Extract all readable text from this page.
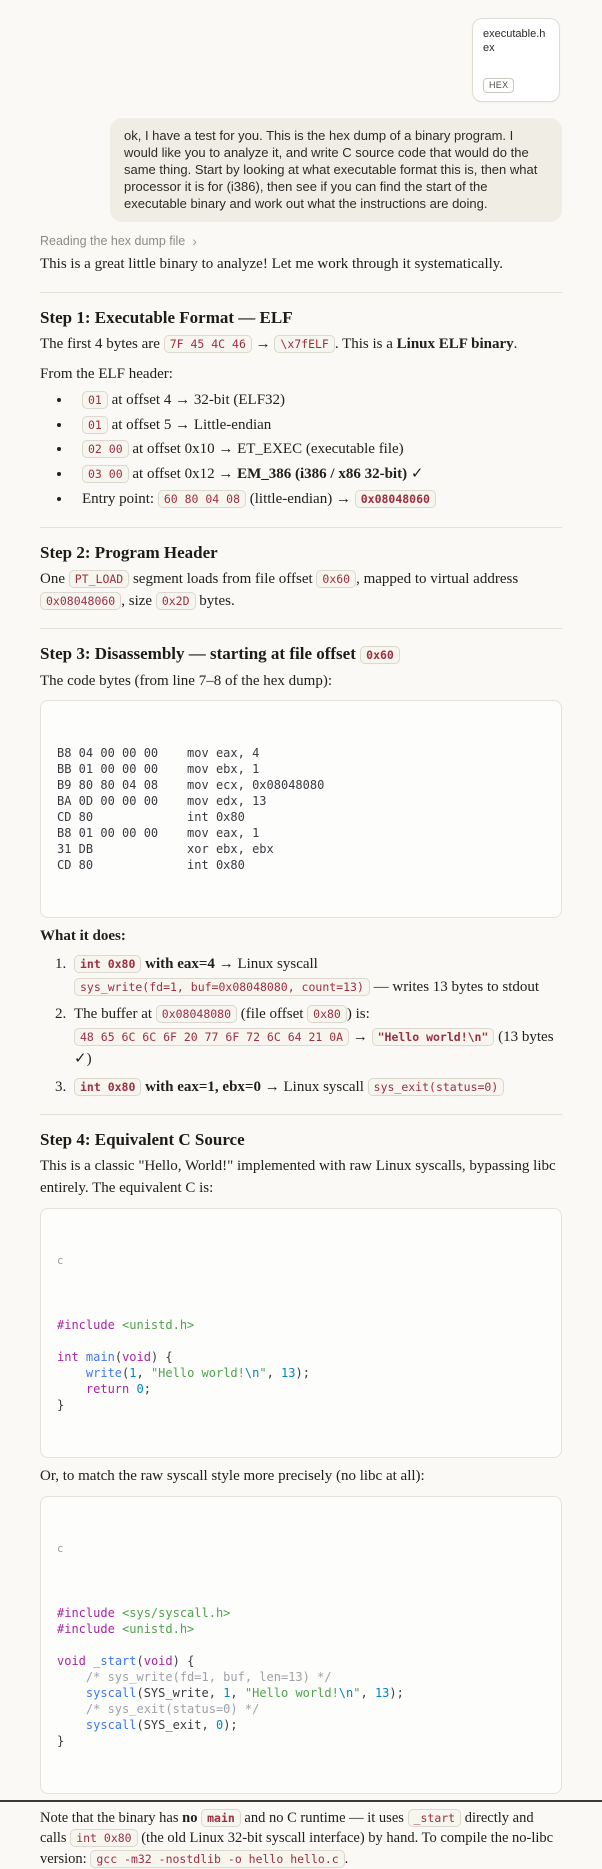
executable.hex
HEX
ok, I have a test for you. This is the hex dump of a binary program. I would like you to analyze it, and write C source code that would do the same thing. Start by looking at what executable format this is, then what processor it is for (i386), then see if you can find the start of the executable binary and work out what the instructions are doing.
Reading the hex dump file ›

This is a great little binary to analyze! Let me work through it systematically.

Step 1: Executable Format — ELF

The first 4 bytes are 7F 45 4C 46 → \x7fELF . This is a Linux ELF binary.

From the ELF header:

• 01 at offset 4 → 32-bit (ELF32)
• 01 at offset 5 → Little-endian
• 02 00 at offset 0x10 → ET_EXEC (executable file)
• 03 00 at offset 0x12 → EM_386 (i386 / x86 32-bit) ✓
• Entry point: 60 80 04 08 (little-endian) → 0x08048060
Step 2: Program Header

One PT_LOAD segment loads from file offset 0x60 , mapped to virtual address 0x08048060 , size 0x2D bytes.

Step 3: Disassembly — starting at file offset 0x60

The code bytes (from line 7–8 of the hex dump):

B8 04 00 00 00    mov eax, 4
BB 01 00 00 00    mov ebx, 1
B9 80 80 04 08    mov ecx, 0x08048080
BA 0D 00 00 00    mov edx, 13
CD 80             int 0x80
B8 01 00 00 00    mov eax, 1
31 DB             xor ebx, ebx
CD 80             int 0x80

What it does:

1. int 0x80 with eax=4 → Linux syscall sys_write(fd=1, buf=0x08048080, count=13) — writes 13 bytes to stdout
2. The buffer at 0x08048080 (file offset 0x80 ) is: 48 65 6C 6C 6F 20 77 6F 72 6C 64 21 0A → "Hello world!\n" (13 bytes ✓)
3. int 0x80 with eax=1, ebx=0 → Linux syscall sys_exit(status=0)
Step 4: Equivalent C Source

This is a classic "Hello, World!" implemented with raw Linux syscalls, bypassing libc entirely. The equivalent C is:

c

#include <unistd.h>

int main(void) {
write(1, "Hello world!\n", 13);
return 0;
}

Or, to match the raw syscall style more precisely (no libc at all):

c

#include <sys/syscall.h>
#include <unistd.h>

void _start(void) {
/* sys_write(fd=1, buf, len=13) */
syscall(SYS_write, 1, "Hello world!\n", 13);
/* sys_exit(status=0) */
syscall(SYS_exit, 0);
}

Note that the binary has no main and no C runtime — it uses _start directly and calls int 0x80 (the old Linux 32-bit syscall interface) by hand. To compile the no-libc version: gcc -m32 -nostdlib -o hello hello.c .
